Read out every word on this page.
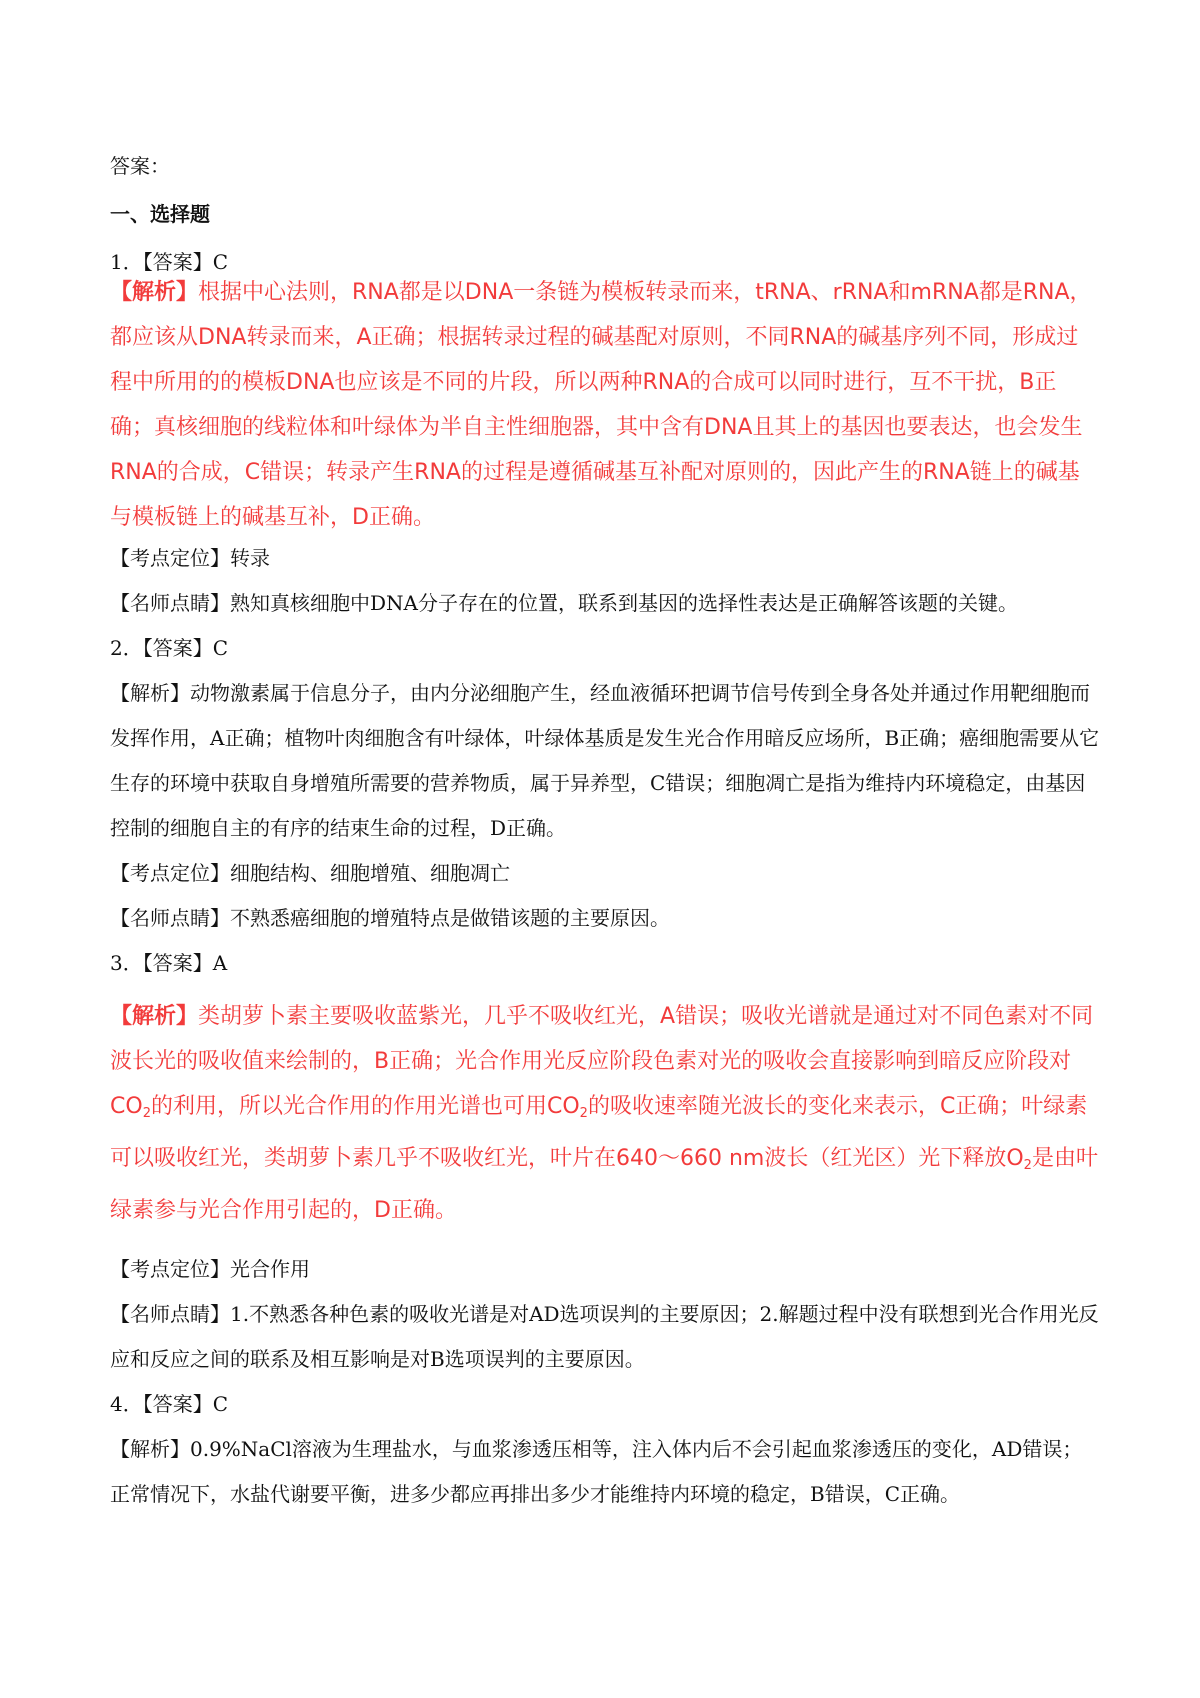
答案：
一、选择题
1．【答案】C
【解析】根据中心法则，RNA都是以DNA一条链为模板转录而来，tRNA、rRNA和mRNA都是RNA，都应该从DNA转录而来，A正确；根据转录过程的碱基配对原则，不同RNA的碱基序列不同，形成过程中所用的的模板DNA也应该是不同的片段，所以两种RNA的合成可以同时进行，互不干扰，B正确；真核细胞的线粒体和叶绿体为半自主性细胞器，其中含有DNA且其上的基因也要表达，也会发生RNA的合成，C错误；转录产生RNA的过程是遵循碱基互补配对原则的，因此产生的RNA链上的碱基与模板链上的碱基互补，D正确。
【考点定位】转录
【名师点睛】熟知真核细胞中DNA分子存在的位置，联系到基因的选择性表达是正确解答该题的关键。
2．【答案】C
【解析】动物激素属于信息分子，由内分泌细胞产生，经血液循环把调节信号传到全身各处并通过作用靶细胞而发挥作用，A正确；植物叶肉细胞含有叶绿体，叶绿体基质是发生光合作用暗反应场所，B正确；癌细胞需要从它生存的环境中获取自身增殖所需要的营养物质，属于异养型，C错误；细胞凋亡是指为维持内环境稳定，由基因控制的细胞自主的有序的结束生命的过程，D正确。
【考点定位】细胞结构、细胞增殖、细胞凋亡
【名师点睛】不熟悉癌细胞的增殖特点是做错该题的主要原因。
3．【答案】A
【解析】类胡萝卜素主要吸收蓝紫光，几乎不吸收红光，A错误；吸收光谱就是通过对不同色素对不同波长光的吸收值来绘制的，B正确；光合作用光反应阶段色素对光的吸收会直接影响到暗反应阶段对$CO_2$的利用，所以光合作用的作用光谱也可用$CO_2$的吸收速率随光波长的变化来表示，C正确；叶绿素可以吸收红光，类胡萝卜素几乎不吸收红光，叶片在640～660 nm波长（红光区）光下释放$O_2$是由叶绿素参与光合作用引起的，D正确。
【考点定位】光合作用
【名师点睛】1.不熟悉各种色素的吸收光谱是对AD选项误判的主要原因；2.解题过程中没有联想到光合作用光反应和反应之间的联系及相互影响是对B选项误判的主要原因。
4．【答案】C
【解析】0.9%NaCl溶液为生理盐水，与血浆渗透压相等，注入体内后不会引起血浆渗透压的变化，AD错误；正常情况下，水盐代谢要平衡，进多少都应再排出多少才能维持内环境的稳定，B错误，C正确。
